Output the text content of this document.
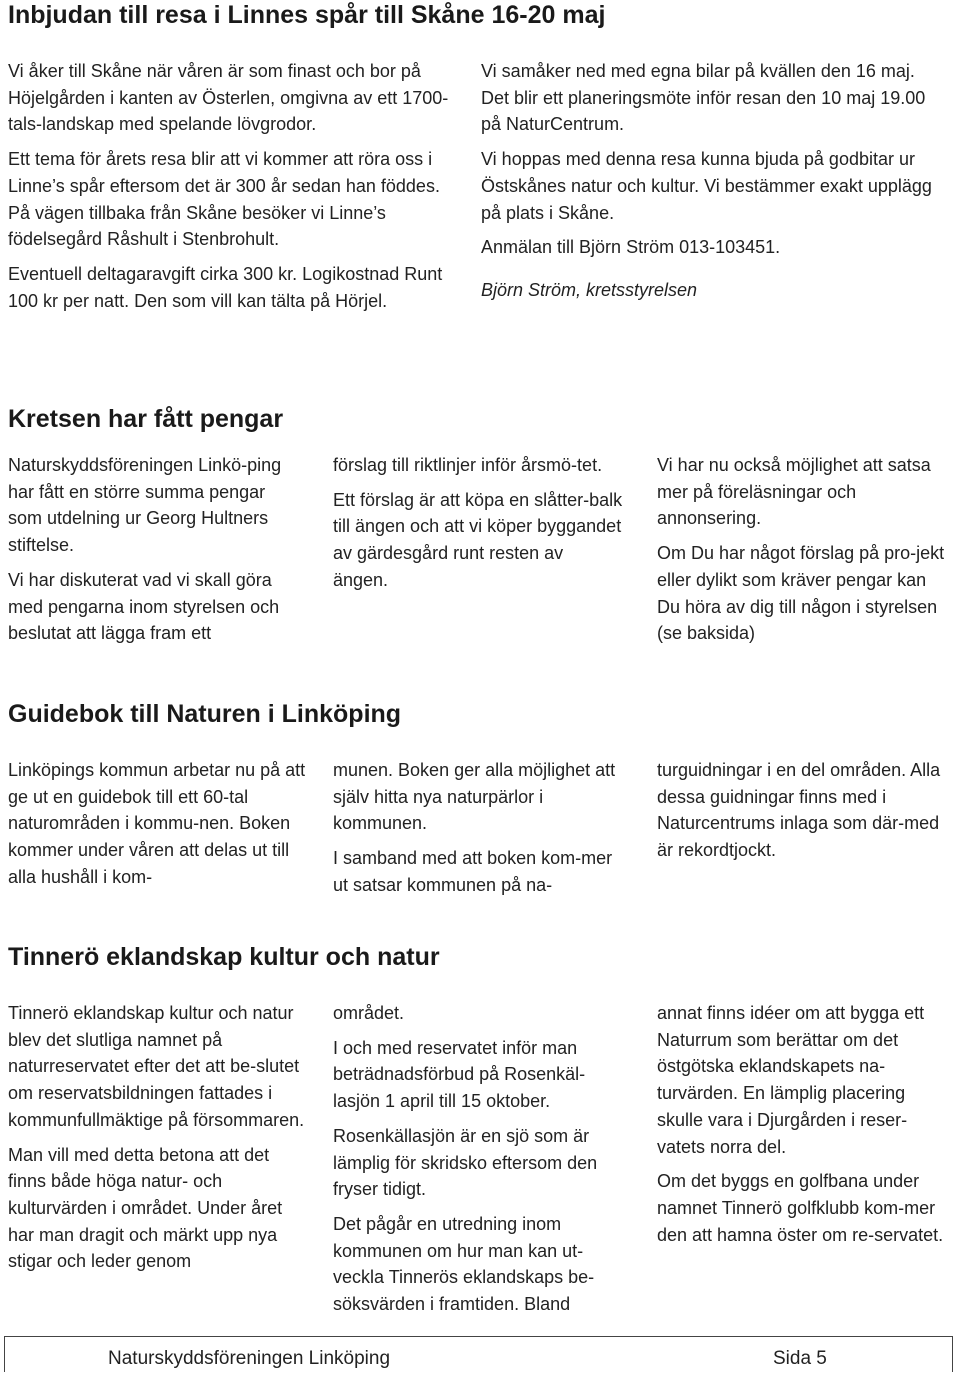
Inbjudan till resa i Linnes spår till Skåne 16-20 maj

Vi åker till Skåne när våren är som finast och bor på Höjelgården i kanten av Österlen, omgivna av ett 1700-tals-landskap med spelande lövgrodor.

Ett tema för årets resa blir att vi kommer att röra oss i Linne’s spår eftersom det är 300 år sedan han föddes. På vägen tillbaka från Skåne besöker vi Linne’s födelsegård Råshult i Stenbrohult.

Eventuell deltagaravgift cirka 300 kr. Logikostnad Runt 100 kr per natt. Den som vill kan tälta på Hörjel.

Vi samåker ned med egna bilar på kvällen den 16 maj. Det blir ett planeringsmöte inför resan den 10 maj 19.00 på NaturCentrum.

Vi hoppas med denna resa kunna bjuda på godbitar ur Östskånes natur och kultur. Vi bestämmer exakt upplägg på plats i Skåne.

Anmälan till Björn Ström 013-103451.

Björn Ström, kretsstyrelsen

Kretsen har fått pengar

Naturskyddsföreningen Linkö-ping har fått en större summa pengar som utdelning ur Georg Hultners stiftelse.

Vi har diskuterat vad vi skall göra med pengarna inom styrelsen och beslutat att lägga fram ett

förslag till riktlinjer inför årsmö-tet.

Ett förslag är att köpa en slåtter-balk till ängen och att vi köper byggandet av gärdesgård runt resten av ängen.

Vi har nu också möjlighet att satsa mer på föreläsningar och annonsering.

Om Du har något förslag på pro-jekt eller dylikt som kräver pengar kan Du höra av dig till någon i styrelsen (se baksida)

Guidebok till Naturen i Linköping

Linköpings kommun arbetar nu på att ge ut en guidebok till ett 60-tal naturområden i kommu-nen. Boken kommer under våren att delas ut till alla hushåll i kom-

munen. Boken ger alla möjlighet att själv hitta nya naturpärlor i kommunen.

I samband med att boken kom-mer ut satsar kommunen på na-

turguidningar i en del områden. Alla dessa guidningar finns med i Naturcentrums inlaga som där-med är rekordtjockt.

Tinnerö eklandskap kultur och natur

Tinnerö eklandskap kultur och natur blev det slutliga namnet på naturreservatet efter det att be-slutet om reservatsbildningen fattades i kommunfullmäktige på försommaren.

Man vill med detta betona att det finns både höga natur- och kulturvärden i området. Under året har man dragit och märkt upp nya stigar och leder genom

området.

I och med reservatet inför man beträdnadsförbud på Rosenkäl-lasjön 1 april till 15 oktober.

Rosenkällasjön är en sjö som är lämplig för skridsko eftersom den fryser tidigt.

Det pågår en utredning inom kommunen om hur man kan ut-veckla Tinnerös eklandskaps be-söksvärden i framtiden. Bland

annat finns idéer om att bygga ett Naturrum som berättar om det östgötska eklandskapets na-turvärden. En lämplig placering skulle vara i Djurgården i reser-vatets norra del.

Om det byggs en golfbana under namnet Tinnerö golfklubb kom-mer den att hamna öster om re-servatet.

Naturskyddsföreningen Linköping	Sida 5
